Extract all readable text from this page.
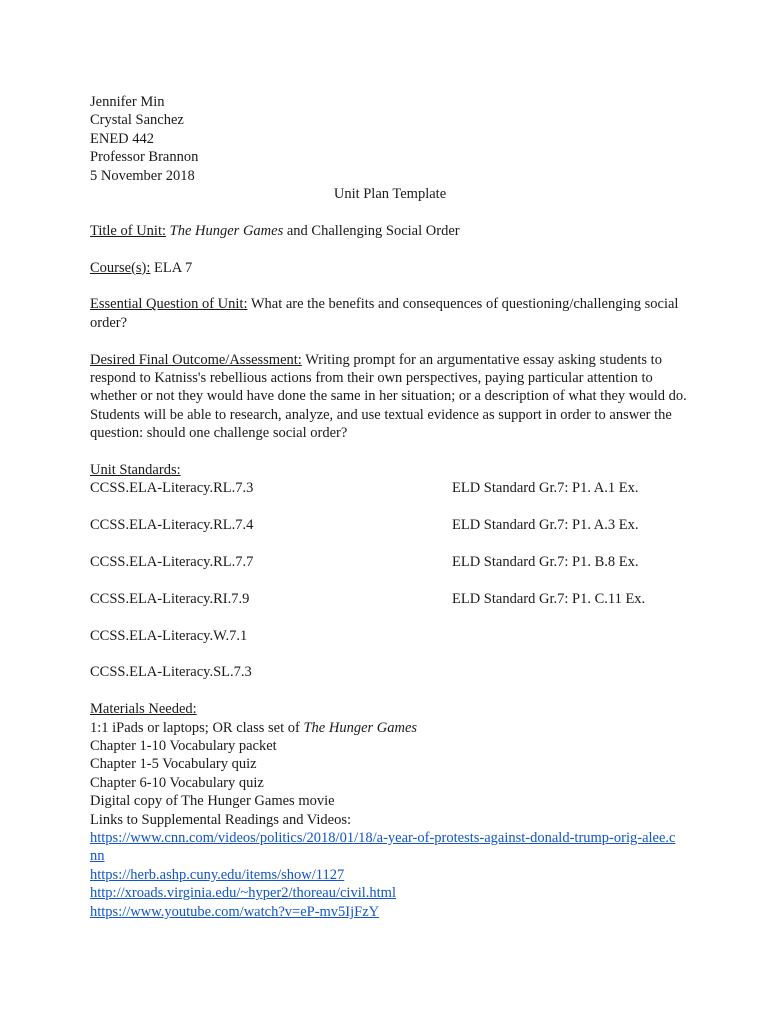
Jennifer Min
Crystal Sanchez
ENED 442
Professor Brannon
5 November 2018
Unit Plan Template
Title of Unit: The Hunger Games and Challenging Social Order
Course(s): ELA 7
Essential Question of Unit: What are the benefits and consequences of questioning/challenging social order?
Desired Final Outcome/Assessment: Writing prompt for an argumentative essay asking students to respond to Katniss's rebellious actions from their own perspectives, paying particular attention to whether or not they would have done the same in her situation; or a description of what they would do. Students will be able to research, analyze, and use textual evidence as support in order to answer the question: should one challenge social order?
Unit Standards:
CCSS.ELA-Literacy.RL.7.3	ELD Standard Gr.7: P1. A.1 Ex.
CCSS.ELA-Literacy.RL.7.4	ELD Standard Gr.7: P1. A.3 Ex.
CCSS.ELA-Literacy.RL.7.7	ELD Standard Gr.7: P1. B.8 Ex.
CCSS.ELA-Literacy.RI.7.9	ELD Standard Gr.7: P1. C.11 Ex.
CCSS.ELA-Literacy.W.7.1
CCSS.ELA-Literacy.SL.7.3
Materials Needed:
1:1 iPads or laptops; OR class set of The Hunger Games
Chapter 1-10 Vocabulary packet
Chapter 1-5 Vocabulary quiz
Chapter 6-10 Vocabulary quiz
Digital copy of The Hunger Games movie
Links to Supplemental Readings and Videos:
https://www.cnn.com/videos/politics/2018/01/18/a-year-of-protests-against-donald-trump-orig-alee.cnn
https://herb.ashp.cuny.edu/items/show/1127
http://xroads.virginia.edu/~hyper2/thoreau/civil.html
https://www.youtube.com/watch?v=eP-mv5IjFzY
